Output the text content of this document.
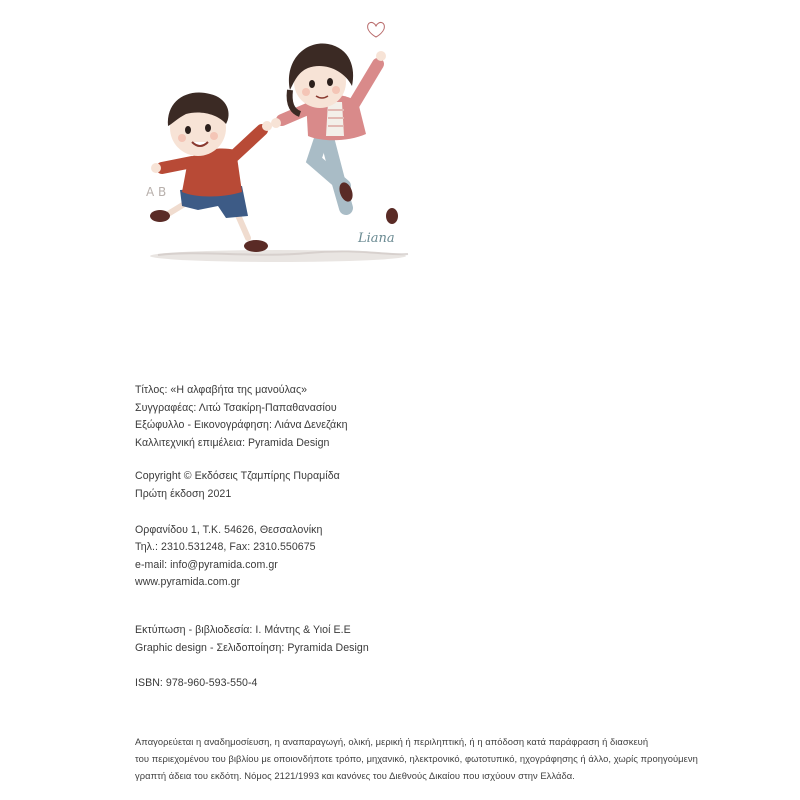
A B
Liana
Τίτλος: «Η αλφαβήτα της μανούλας»
Συγγραφέας: Λιτώ Τσακίρη-Παπαθανασίου
Εξώφυλλο - Εικονογράφηση: Λιάνα Δενεζάκη
Καλλιτεχνική επιμέλεια: Pyramida Design
Copyright © Εκδόσεις Τζαμπίρης Πυραμίδα
Πρώτη έκδοση 2021
Ορφανίδου 1, Τ.Κ. 54626, Θεσσαλονίκη
Τηλ.: 2310.531248, Fax: 2310.550675
e-mail: info@pyramida.com.gr
www.pyramida.com.gr
Εκτύπωση - βιβλιοδεσία: Ι. Μάντης & Υιοί Ε.Ε
Graphic design - Σελιδοποίηση: Pyramida Design
ISBN: 978-960-593-550-4
Απαγορεύεται η αναδημοσίευση, η αναπαραγωγή, ολική, μερική ή περιληπτική, ή η απόδοση κατά παράφραση ή διασκευή
του περιεχομένου του βιβλίου με οποιονδήποτε τρόπο, μηχανικό, ηλεκτρονικό, φωτοτυπικό, ηχογράφησης ή άλλο, χωρίς προηγούμενη
γραπτή άδεια του εκδότη. Νόμος 2121/1993 και κανόνες του Διεθνούς Δικαίου που ισχύουν στην Ελλάδα.
